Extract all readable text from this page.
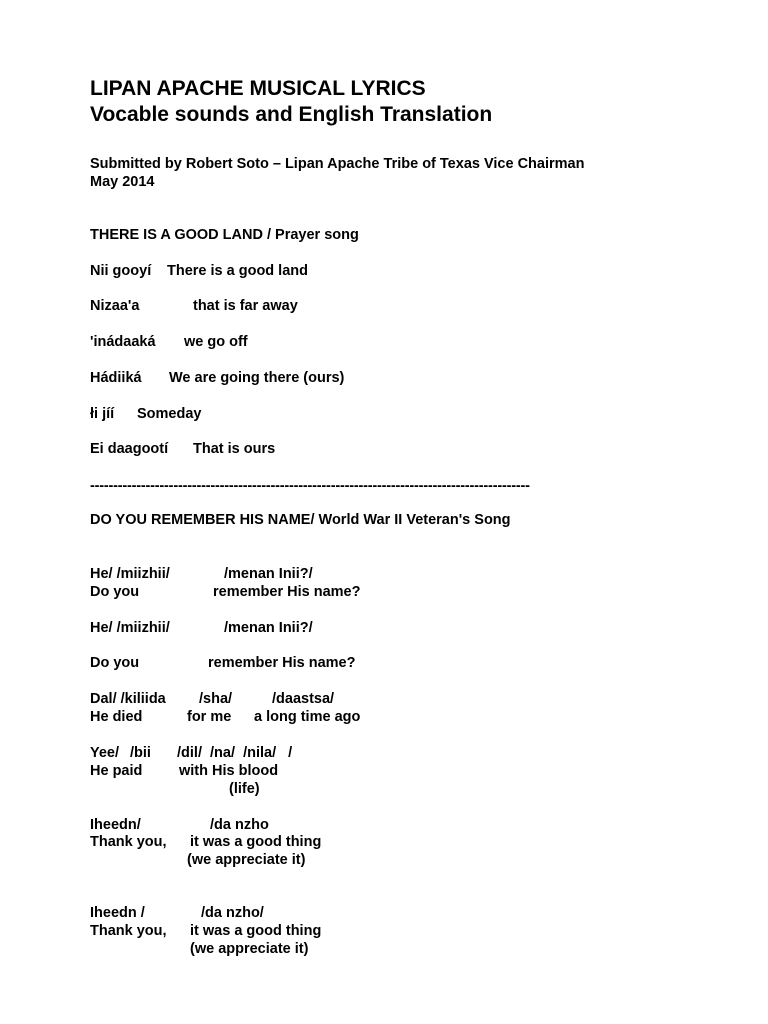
LIPAN APACHE MUSICAL LYRICS
Vocable sounds and English Translation
Submitted by Robert Soto – Lipan Apache Tribe of Texas Vice Chairman
May 2014
THERE IS A GOOD LAND / Prayer song
Nii gooyí There is a good land
Nizaa'a	that is far away
'inádaaká we go off
Hádiiká We are going there (ours)
łi jíí Someday
Ei daagootí That is ours
-----------------------------------------------------------------------------------------------
DO YOU REMEMBER HIS NAME/ World War II Veteran's Song
He/ /miizhii/	/menan Inii?/
Do you	remember His name?
He/ /miizhii/	/menan Inii?/
Do you	remember His name?
Dal/ /kiliida /sha/	/daastsa/
He died	for me a long time ago
Yee/ /bii /dil/  /na/  /nila/   /
He paid	with His blood
(life)
Iheedn/	/da nzho
Thank you, it was a good thing
(we appreciate it)
Iheedn /	/da nzho/
Thank you, it was a good thing
(we appreciate it)
